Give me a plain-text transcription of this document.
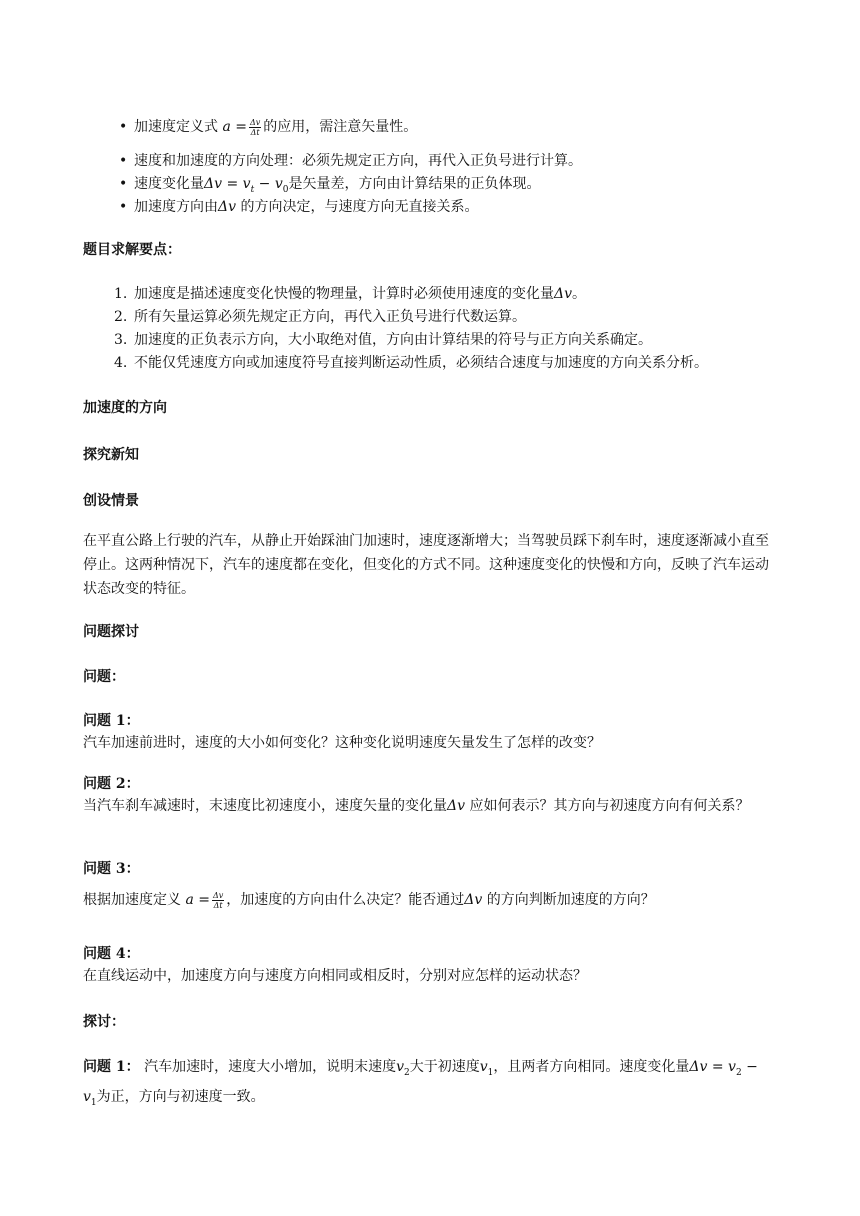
• 加速度定义式 $a = \frac{\Delta v}{\Delta t}$ 的应用，需注意矢量性。
• 速度和加速度的方向处理：必须先规定正方向，再代入正负号进行计算。
• 速度变化量$\Delta v = v_t - v_0$是矢量差，方向由计算结果的正负体现。
• 加速度方向由Δv 的方向决定，与速度方向无直接关系。
题目求解要点：
1. 加速度是描述速度变化快慢的物理量，计算时必须使用速度的变化量Δv。
2. 所有矢量运算必须先规定正方向，再代入正负号进行代数运算。
3. 加速度的正负表示方向，大小取绝对值，方向由计算结果的符号与正方向关系确定。
4. 不能仅凭速度方向或加速度符号直接判断运动性质，必须结合速度与加速度的方向关系分析。
加速度的方向
探究新知
创设情景
在平直公路上行驶的汽车，从静止开始踩油门加速时，速度逐渐增大；当驾驶员踩下刹车时，速度逐渐减小直至停止。这两种情况下，汽车的速度都在变化，但变化的方式不同。这种速度变化的快慢和方向，反映了汽车运动状态改变的特征。
问题探讨
问题：
问题 1：
汽车加速前进时，速度的大小如何变化？这种变化说明速度矢量发生了怎样的改变？
问题 2：
当汽车刹车减速时，末速度比初速度小，速度矢量的变化量Δv 应如何表示？其方向与初速度方向有何关系？
问题 3：
根据加速度定义 $a = \frac{\Delta v}{\Delta t}$ ，加速度的方向由什么决定？能否通过Δv 的方向判断加速度的方向？
问题 4：
在直线运动中，加速度方向与速度方向相同或相反时，分别对应怎样的运动状态？
探讨：
问题 1： 汽车加速时，速度大小增加，说明末速度$v_2$大于初速度$v_1$，且两者方向相同。速度变化量$\Delta v = v_2 - v_1$为正，方向与初速度一致。
